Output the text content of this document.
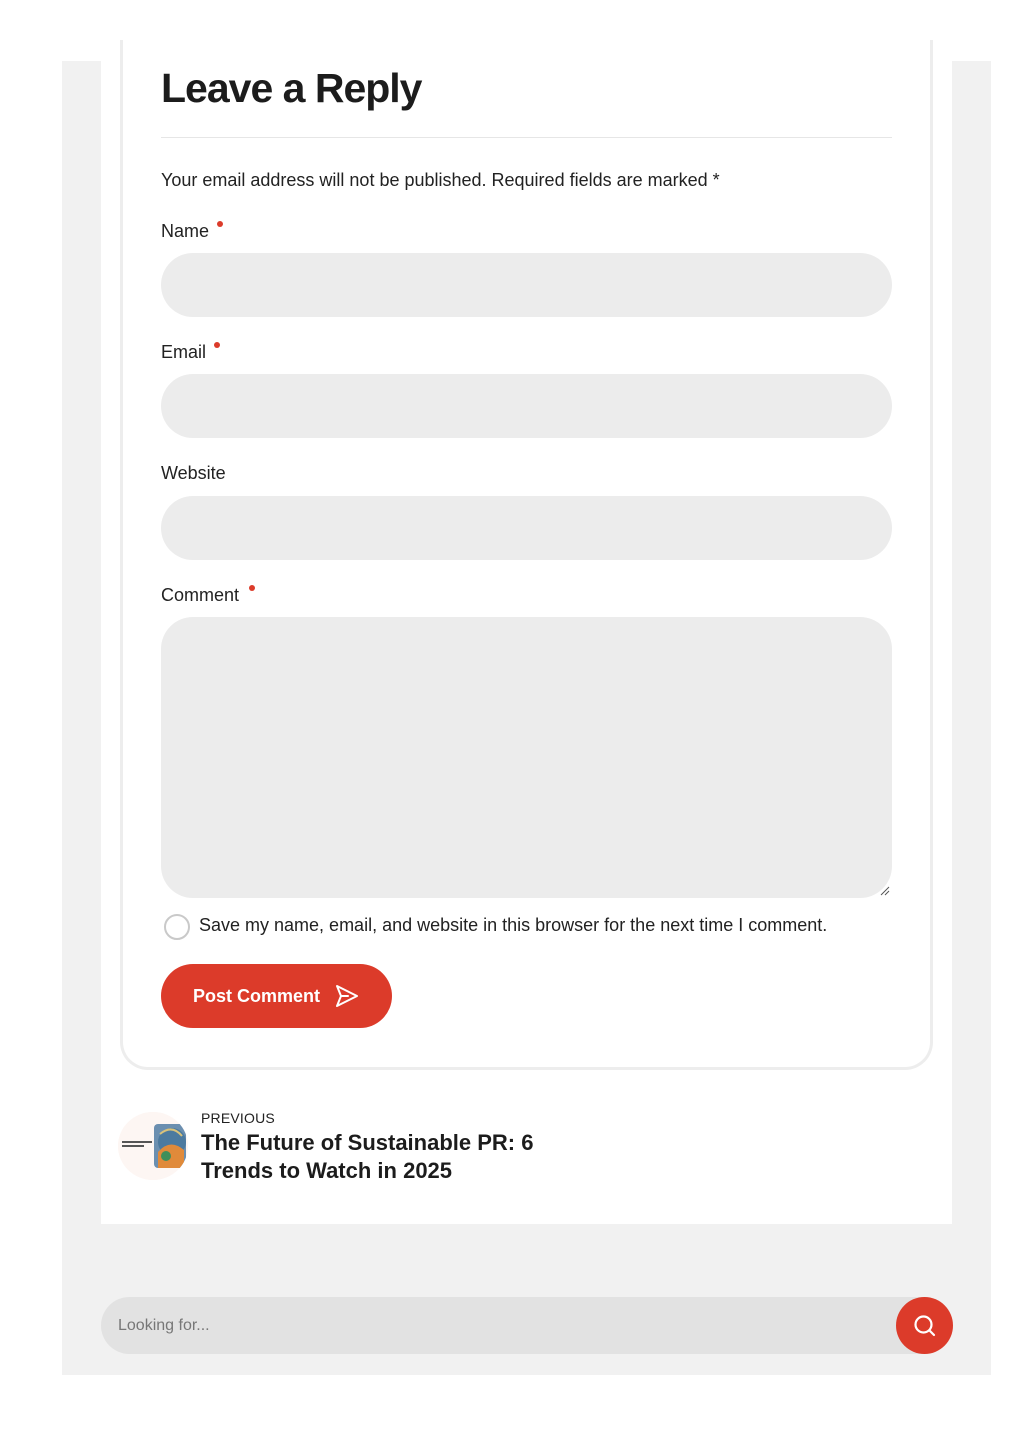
Leave a Reply

Your email address will not be published. Required fields are marked *

Name
Email
Website
Comment
Save my name, email, and website in this browser for the next time I comment.
Post Comment
PREVIOUS
The Future of Sustainable PR: 6 Trends to Watch in 2025
Looking for...
